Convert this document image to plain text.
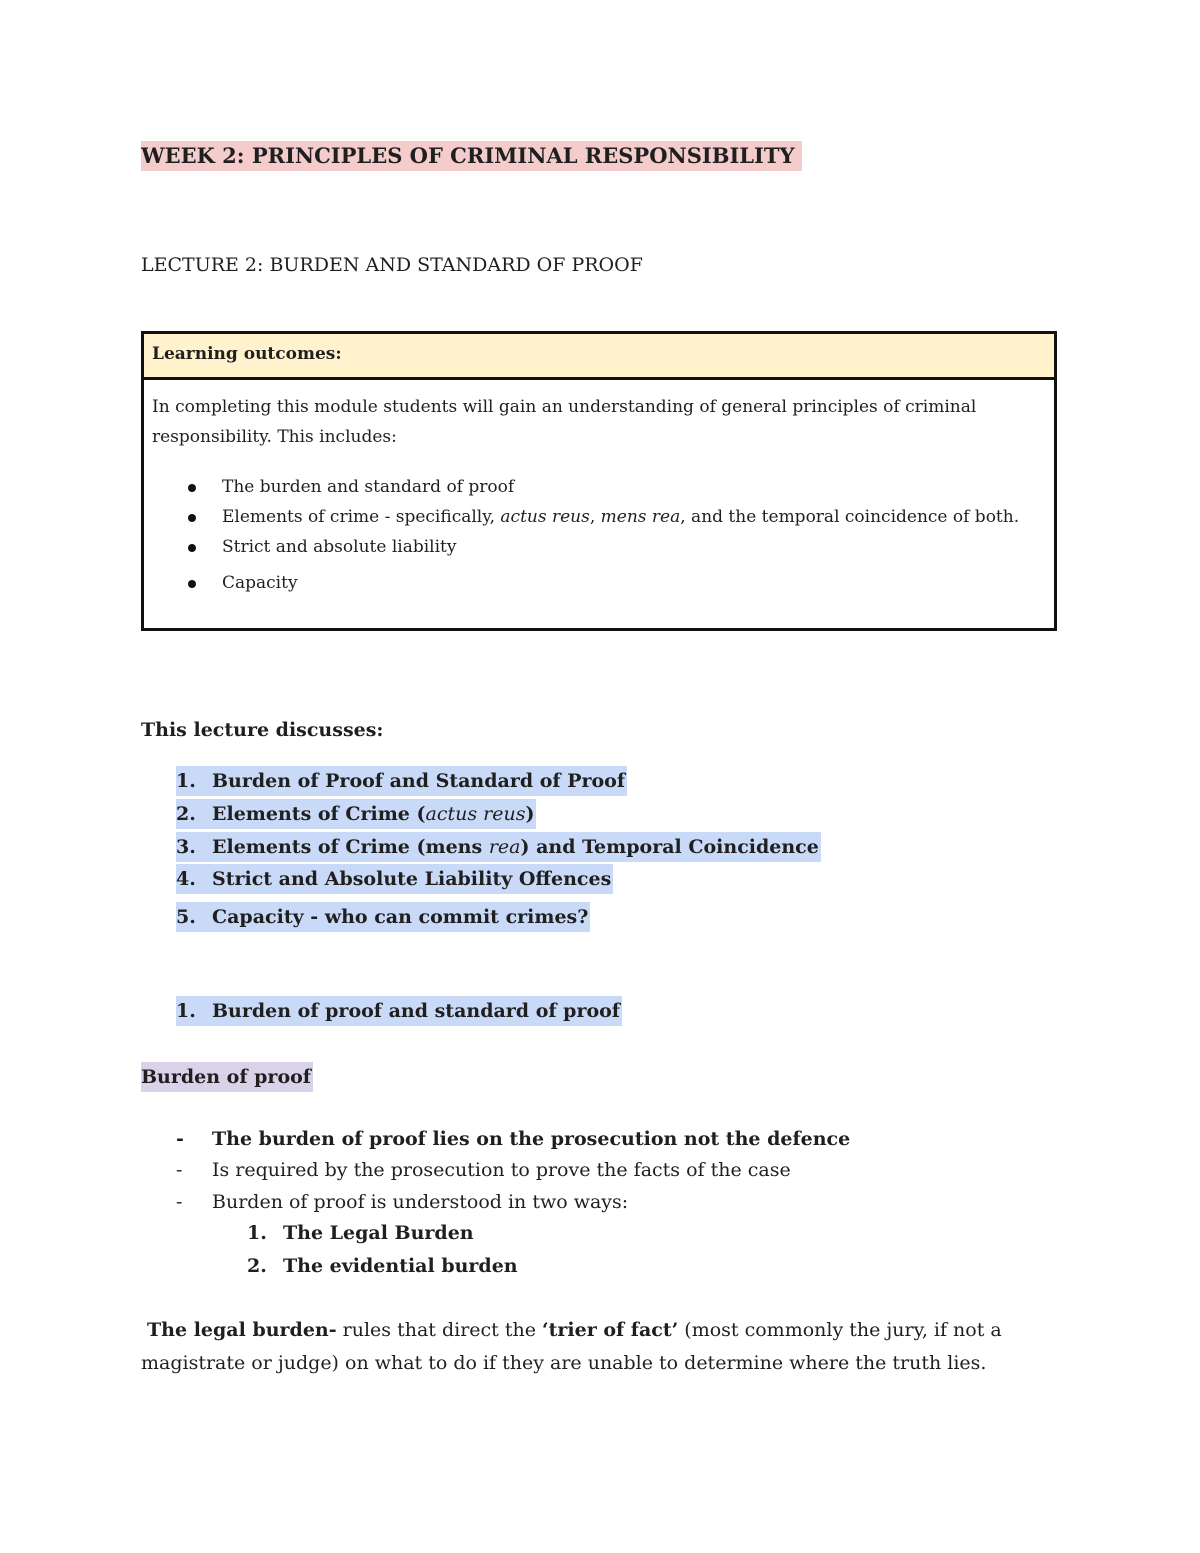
WEEK 2: PRINCIPLES OF CRIMINAL RESPONSIBILITY
LECTURE 2: BURDEN AND STANDARD OF PROOF
Learning outcomes:
In completing this module students will gain an understanding of general principles of criminal responsibility. This includes:
The burden and standard of proof
Elements of crime - specifically, actus reus, mens rea, and the temporal coincidence of both.
Strict and absolute liability
Capacity
This lecture discusses:
1. Burden of Proof and Standard of Proof
2. Elements of Crime (actus reus)
3. Elements of Crime (mens rea) and Temporal Coincidence
4. Strict and Absolute Liability Offences
5. Capacity - who can commit crimes?
1. Burden of proof and standard of proof
Burden of proof
- The burden of proof lies on the prosecution not the defence
- Is required by the prosecution to prove the facts of the case
- Burden of proof is understood in two ways:
1. The Legal Burden
2. The evidential burden
The legal burden- rules that direct the ‘trier of fact’ (most commonly the jury, if not a magistrate or judge) on what to do if they are unable to determine where the truth lies.
